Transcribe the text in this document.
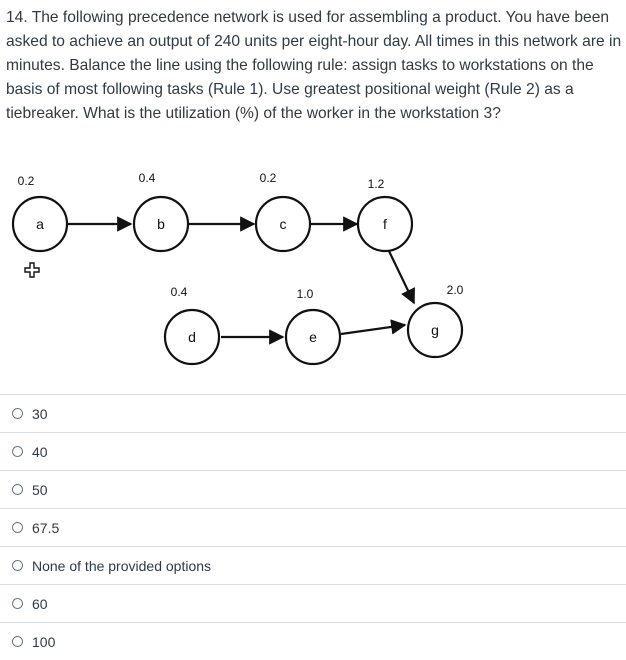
14. The following precedence network is used for assembling a product. You have been asked to achieve an output of 240 units per eight-hour day. All times in this network are in minutes. Balance the line using the following rule: assign tasks to workstations on the basis of most following tasks (Rule 1). Use greatest positional weight (Rule 2) as a tiebreaker. What is the utilization (%) of the worker in the workstation 3?
a
0.2
b
0.4
c
0.2
f
1.2
d
0.4
e
1.0
g
2.0
30
40
50
67.5
None of the provided options
60
100
